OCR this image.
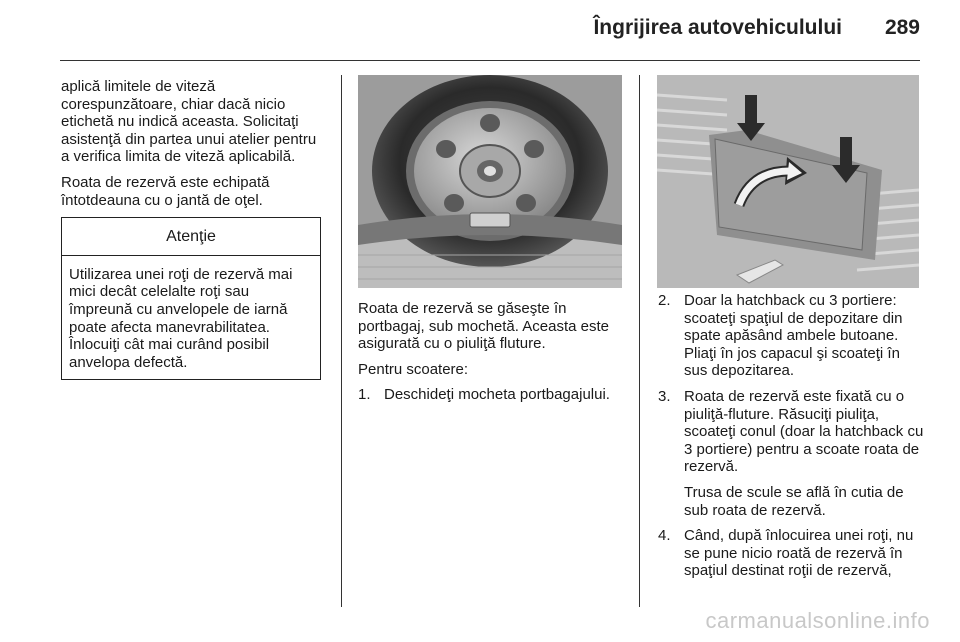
Îngrijirea autovehiculului 289

aplică limitele de viteză corespunzătoare, chiar dacă nicio etichetă nu indică aceasta. Solicitaţi asistenţă din partea unui atelier pentru a verifica limita de viteză aplicabilă.

Roata de rezervă este echipată întotdeauna cu o jantă de oţel.

Atenţie
Utilizarea unei roţi de rezervă mai mici decât celelalte roţi sau împreună cu anvelopele de iarnă poate afecta manevrabilitatea. Înlocuiţi cât mai curând posibil anvelopa defectă.

Roata de rezervă se găseşte în portbagaj, sub mochetă. Aceasta este asigurată cu o piuliţă fluture.

Pentru scoatere:

1. Deschideţi mocheta portbagajului.

2. Doar la hatchback cu 3 portiere: scoateţi spaţiul de depozitare din spate apăsând ambele butoane. Pliaţi în jos capacul şi scoateţi în sus depozitarea.

3. Roata de rezervă este fixată cu o piuliţă-fluture. Răsuciţi piuliţa, scoateţi conul (doar la hatchback cu 3 portiere) pentru a scoate roata de rezervă.

Trusa de scule se află în cutia de sub roata de rezervă.

4. Când, după înlocuirea unei roţi, nu se pune nicio roată de rezervă în spaţiul destinat roţii de rezervă,

carmanualsonline.info
